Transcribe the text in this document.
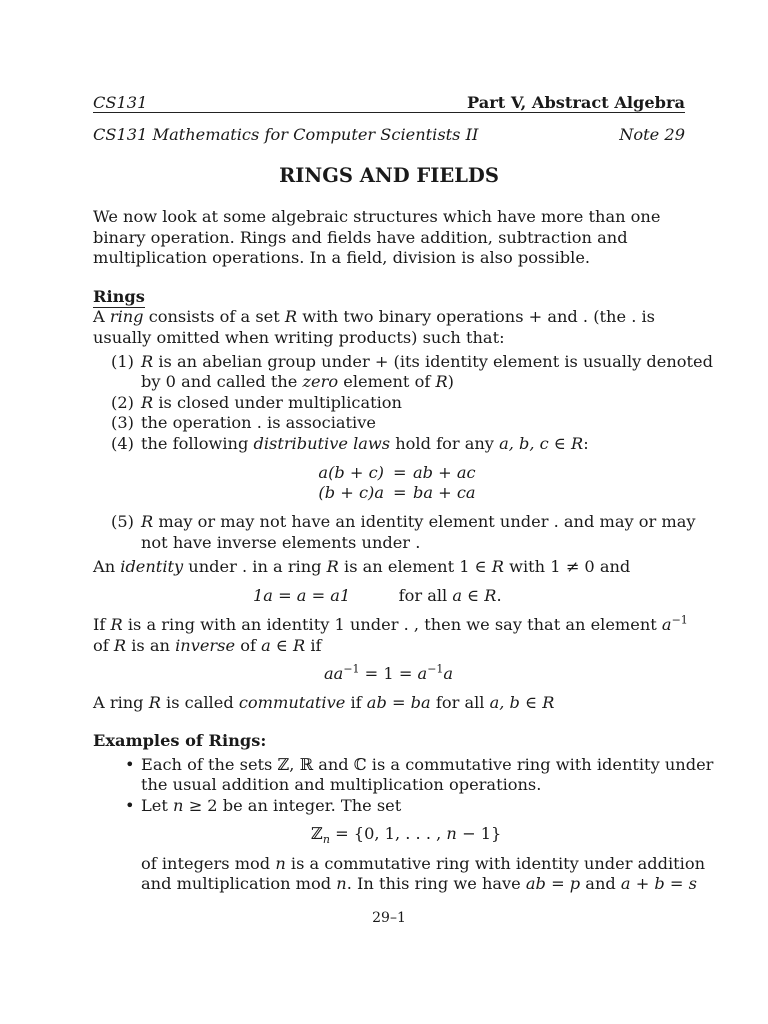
CS131	Part V, Abstract Algebra
CS131 Mathematics for Computer Scientists II	Note 29
RINGS AND FIELDS
We now look at some algebraic structures which have more than one
binary operation. Rings and fields have addition, subtraction and
multiplication operations. In a field, division is also possible.
Rings
A ring consists of a set R with two binary operations + and . (the . is
usually omitted when writing products) such that:
(1) R is an abelian group under + (its identity element is usually denoted
by 0 and called the zero element of R)
(2) R is closed under multiplication
(3) the operation . is associative
(4) the following distributive laws hold for any a, b, c ∈ R:
a(b + c) = ab + ac
(b + c)a = ba + ca
(5) R may or may not have an identity element under . and may or may
not have inverse elements under .
An identity under . in a ring R is an element 1 ∈ R with 1 ≠ 0 and
1a = a = a1	for all a ∈ R.
If R is a ring with an identity 1 under . , then we say that an element $a^{-1}$
of R is an inverse of a ∈ R if
$aa^{-1} = 1 = a^{-1}a$
A ring R is called commutative if ab = ba for all a, b ∈ R
Examples of Rings:
• Each of the sets ℤ, ℝ and ℂ is a commutative ring with identity under
the usual addition and multiplication operations.
• Let n ≥ 2 be an integer. The set
ℤ$_n$ = {0, 1, . . . , n − 1}
of integers mod n is a commutative ring with identity under addition
and multiplication mod n. In this ring we have ab = p and a + b = s
29–1
